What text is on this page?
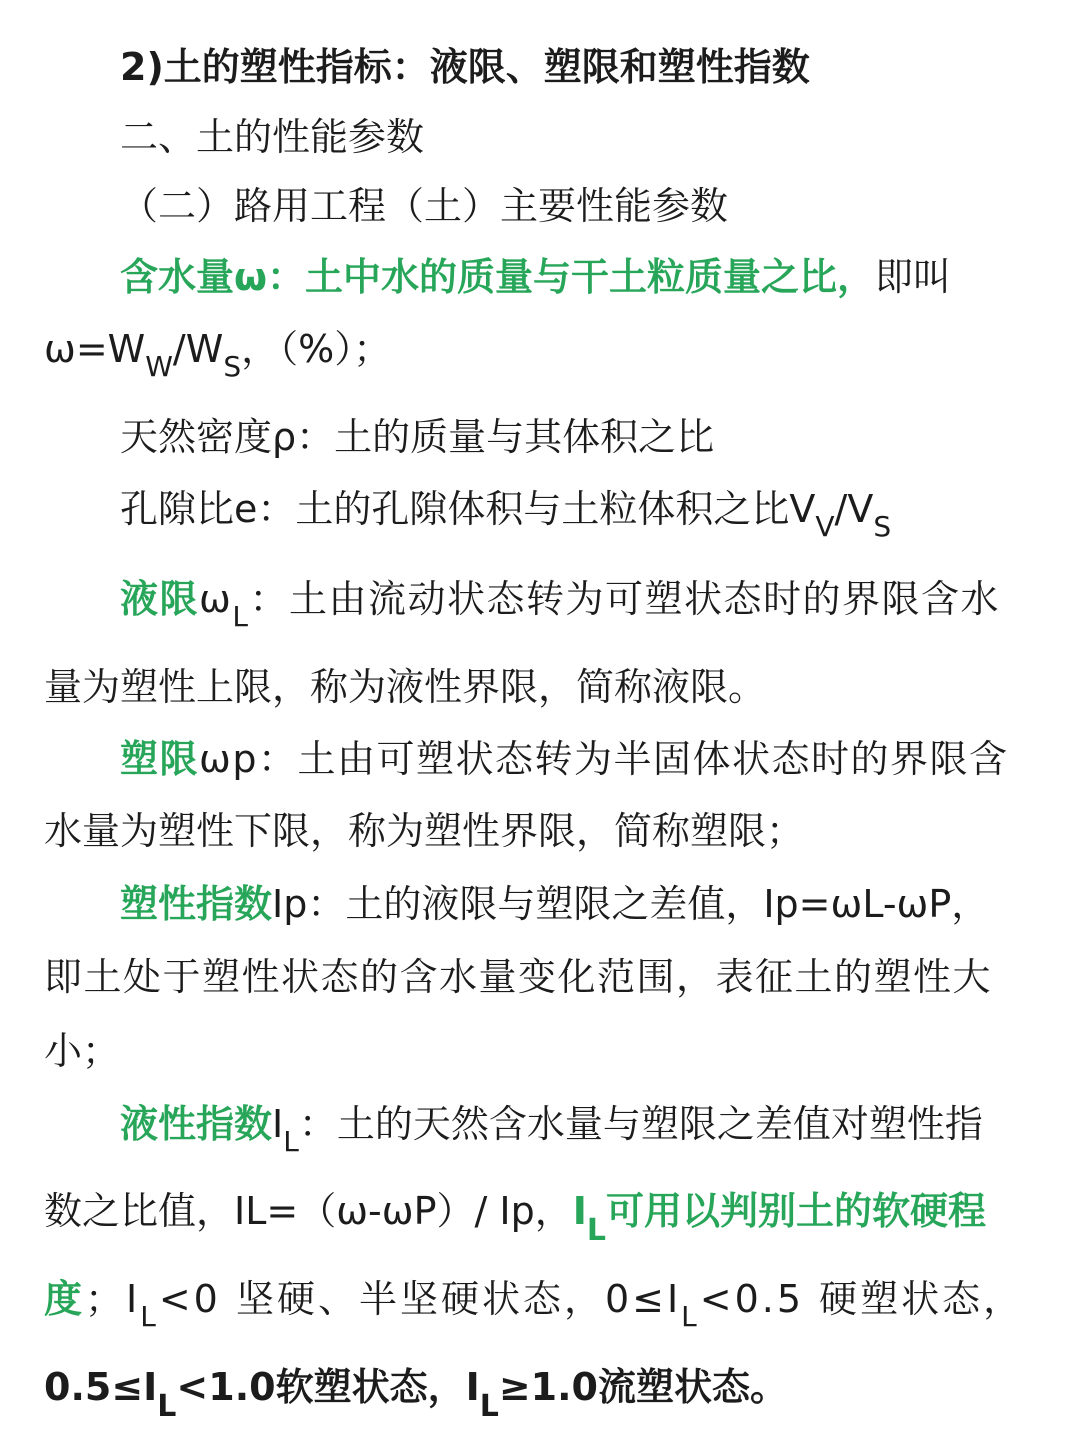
2)土的塑性指标：液限、塑限和塑性指数
二、土的性能参数
（二）路用工程（土）主要性能参数
含水量ω：土中水的质量与干土粒质量之比，即叫
$\omega=W_W/W_S$，（%）；
天然密度ρ：土的质量与其体积之比
孔隙比e：土的孔隙体积与土粒体积之比$V_V/V_S$
液限$\omega_L$：土由流动状态转为可塑状态时的界限含水
量为塑性上限，称为液性界限，简称液限。
塑限ωp：土由可塑状态转为半固体状态时的界限含
水量为塑性下限，称为塑性界限，简称塑限；
塑性指数Ip：土的液限与塑限之差值，Ip=ωL-ωP，
即土处于塑性状态的含水量变化范围，表征土的塑性大
小；
液性指数$I_L$：土的天然含水量与塑限之差值对塑性指
数之比值，IL=（ω-ωP）/ Ip，$I_L$可用以判别土的软硬程
度；$I_L<0$ 坚硬、半坚硬状态，$0\le I_L<0.5$ 硬塑状态，
$0.5\le I_L<1.0$软塑状态，$I_L\ge 1.0$流塑状态。
